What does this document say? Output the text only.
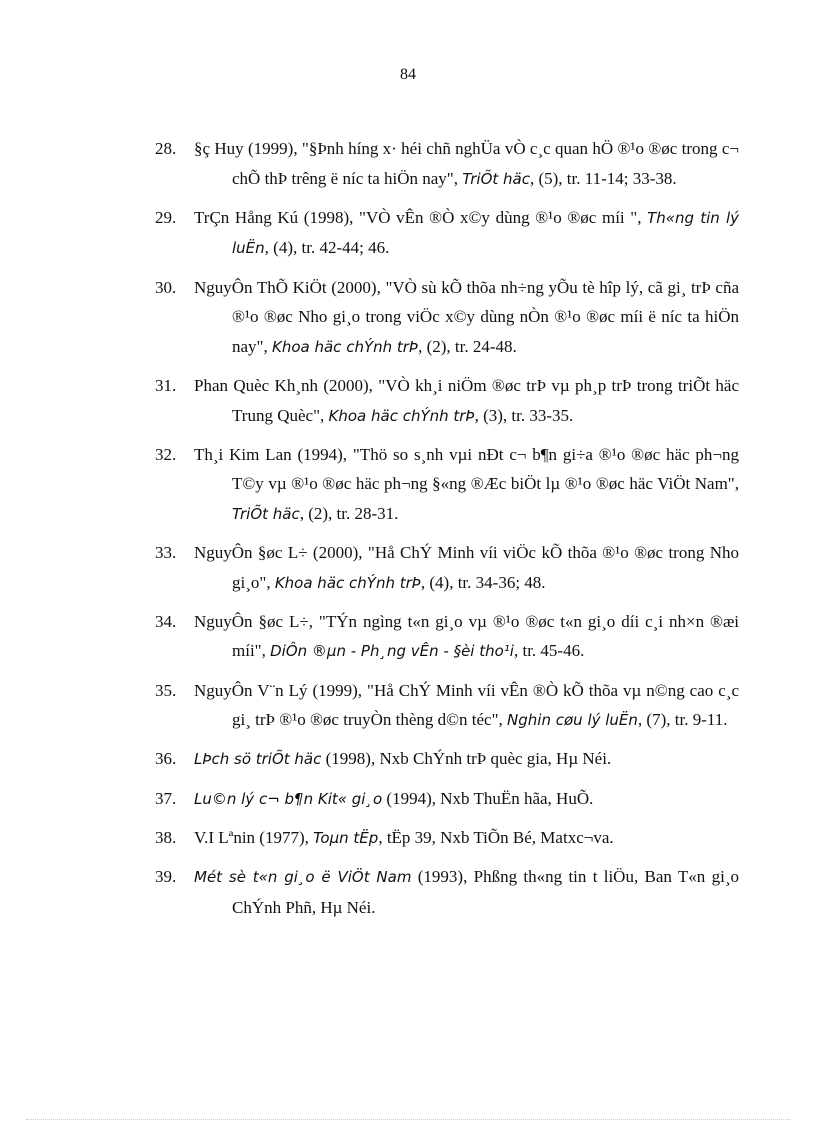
84
28. §ç Huy (1999), "§Þnh híng x· héi chñ nghÜa vÒ c¸c quan hÖ ®¹o ®øc trong c¬ chÕ thÞ trêng ë níc ta hiÖn nay", TriÕt häc, (5), tr. 11-14; 33-38.
29. TrÇn Hång Kú (1998), "VÒ vÊn ®Ò x©y dùng ®¹o ®øc míi ", Th«ng tin lý luËn, (4), tr. 42-44; 46.
30. NguyÔn ThÕ KiÖt (2000), "VÒ sù kÕ thõa nh÷ng yÕu tè hîp lý, cã gi¸ trÞ cña ®¹o ®øc Nho gi¸o trong viÖc x©y dùng nÒn ®¹o ®øc míi ë níc ta hiÖn nay", Khoa häc chÝnh trÞ, (2), tr. 24-48.
31. Phan Quèc Kh¸nh (2000), "VÒ kh¸i niÖm ®øc trÞ vµ ph¸p trÞ trong triÕt häc Trung Quèc", Khoa häc chÝnh trÞ, (3), tr. 33-35.
32. Th¸i Kim Lan (1994), "Thö so s¸nh vµi nÐt c¬ b¶n gi÷a ®¹o ®øc häc ph¬ng T©y vµ ®¹o ®øc häc ph¬ng §«ng ®Æc biÖt lµ ®¹o ®øc häc ViÖt Nam", TriÕt häc, (2), tr. 28-31.
33. NguyÔn §øc L÷ (2000), "Hå ChÝ Minh víi viÖc kÕ thõa ®¹o ®øc trong Nho gi¸o", Khoa häc chÝnh trÞ, (4), tr. 34-36; 48.
34. NguyÔn §øc L÷, "TÝn ngìng t«n gi¸o vµ ®¹o ®øc t«n gi¸o díi c¸i nh×n ®æi míi", DiÔn ®µn - Ph¸ng vÊn - §èi tho¹i, tr. 45-46.
35. NguyÔn V¨n Lý (1999), "Hå ChÝ Minh víi vÊn ®Ò kÕ thõa vµ n©ng cao c¸c gi¸ trÞ ®¹o ®øc truyÒn thèng d©n téc", Nghin cøu lý luËn, (7), tr. 9-11.
36. LÞch sö triÕt häc (1998), Nxb ChÝnh trÞ quèc gia, Hµ Néi.
37. Lu©n lý c¬ b¶n Kit« gi¸o (1994), Nxb ThuËn hãa, HuÕ.
38. V.I Lªnin (1977), Toµn tËp, tËp 39, Nxb TiÕn Bé, Matxc¬va.
39. Mét sè t«n gi¸o ë ViÖt Nam (1993), Phßng th«ng tin t liÖu, Ban T«n gi¸o ChÝnh Phñ, Hµ Néi.
